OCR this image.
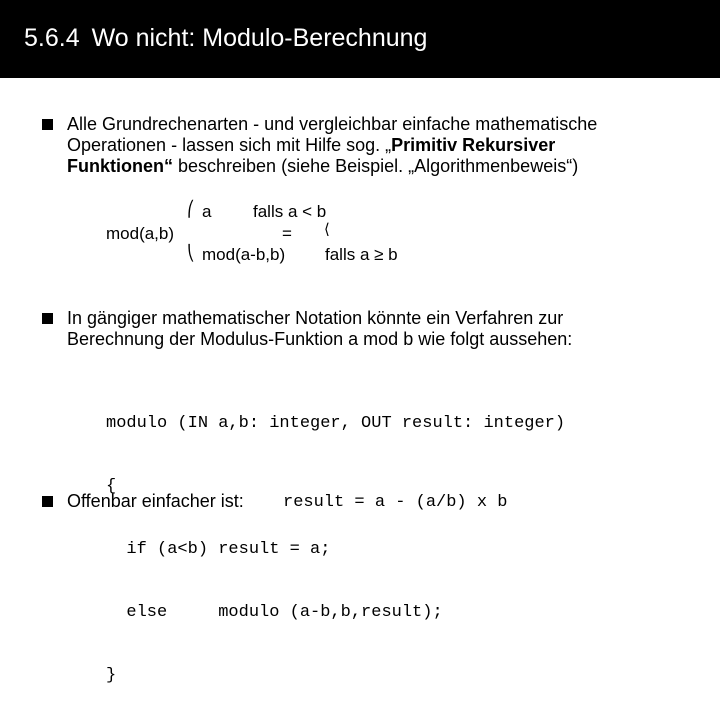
5.6.4 Wo nicht: Modulo-Berechnung
Alle Grundrechenarten - und vergleichbar einfache mathematische
Operationen - lassen sich mit Hilfe sog. „Primitiv Rekursiver
Funktionen“ beschreiben (siehe Beispiel. „Algorithmenbeweis“)
mod(a,b)
⎛
⎝
a falls a < b
= ⟨
mod(a-b,b) falls a ≥ b
In gängiger mathematischer Notation könnte ein Verfahren zur
Berechnung der Modulus-Funktion a mod b wie folgt aussehen:

modulo (IN a,b: integer, OUT result: integer)

{

if (a<b) result = a;

else     modulo (a-b,b,result);

}

Offenbar einfacher ist: result = a - (a/b) x b
